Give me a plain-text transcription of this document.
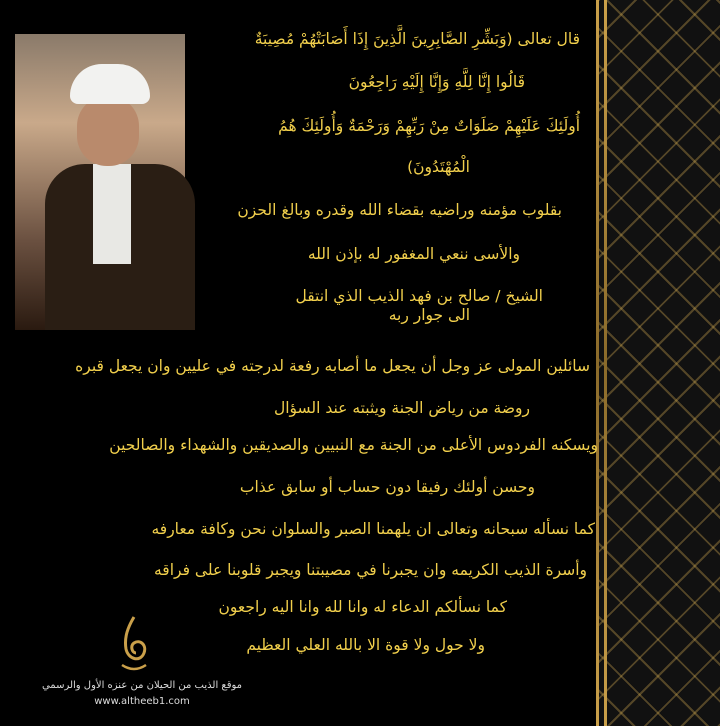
قال تعالى (وَبَشِّرِ الصَّابِرِينَ الَّذِينَ إِذَا أَصَابَتْهُمْ مُصِيبَةٌ
قَالُوا إِنَّا لِلَّهِ وَإِنَّا إِلَيْهِ رَاجِعُونَ
أُولَئِكَ عَلَيْهِمْ صَلَوَاتٌ مِنْ رَبِّهِمْ وَرَحْمَةٌ وَأُولَئِكَ هُمُ
الْمُهْتَدُونَ)
بقلوب مؤمنه وراضيه بقضاء الله وقدره وبالغ الحزن
والأسى ننعي المغفور له بإذن الله
الشيخ / صالح بن فهد الذيب الذي انتقل
الى جوار ربه
سائلين المولى عز وجل أن يجعل ما أصابه رفعة لدرجته في عليين وان يجعل قبره
روضة من رياض الجنة ويثبته عند السؤال
ويسكنه الفردوس الأعلى من الجنة مع النبيين والصديقين والشهداء والصالحين
وحسن أولئك رفيقا دون حساب أو سابق عذاب
كما نسأله سبحانه وتعالى ان يلهمنا الصبر والسلوان نحن وكافة معارفه
وأسرة الذيب الكريمه وان يجبرنا في مصيبتنا ويجبر قلوبنا على فراقه
كما نسألكم الدعاء له وانا لله وانا اليه راجعون
ولا حول ولا قوة الا بالله العلي العظيم
موقع الذيب من الحيلان من عنزه الأول والرسمي
www.altheeb1.com
